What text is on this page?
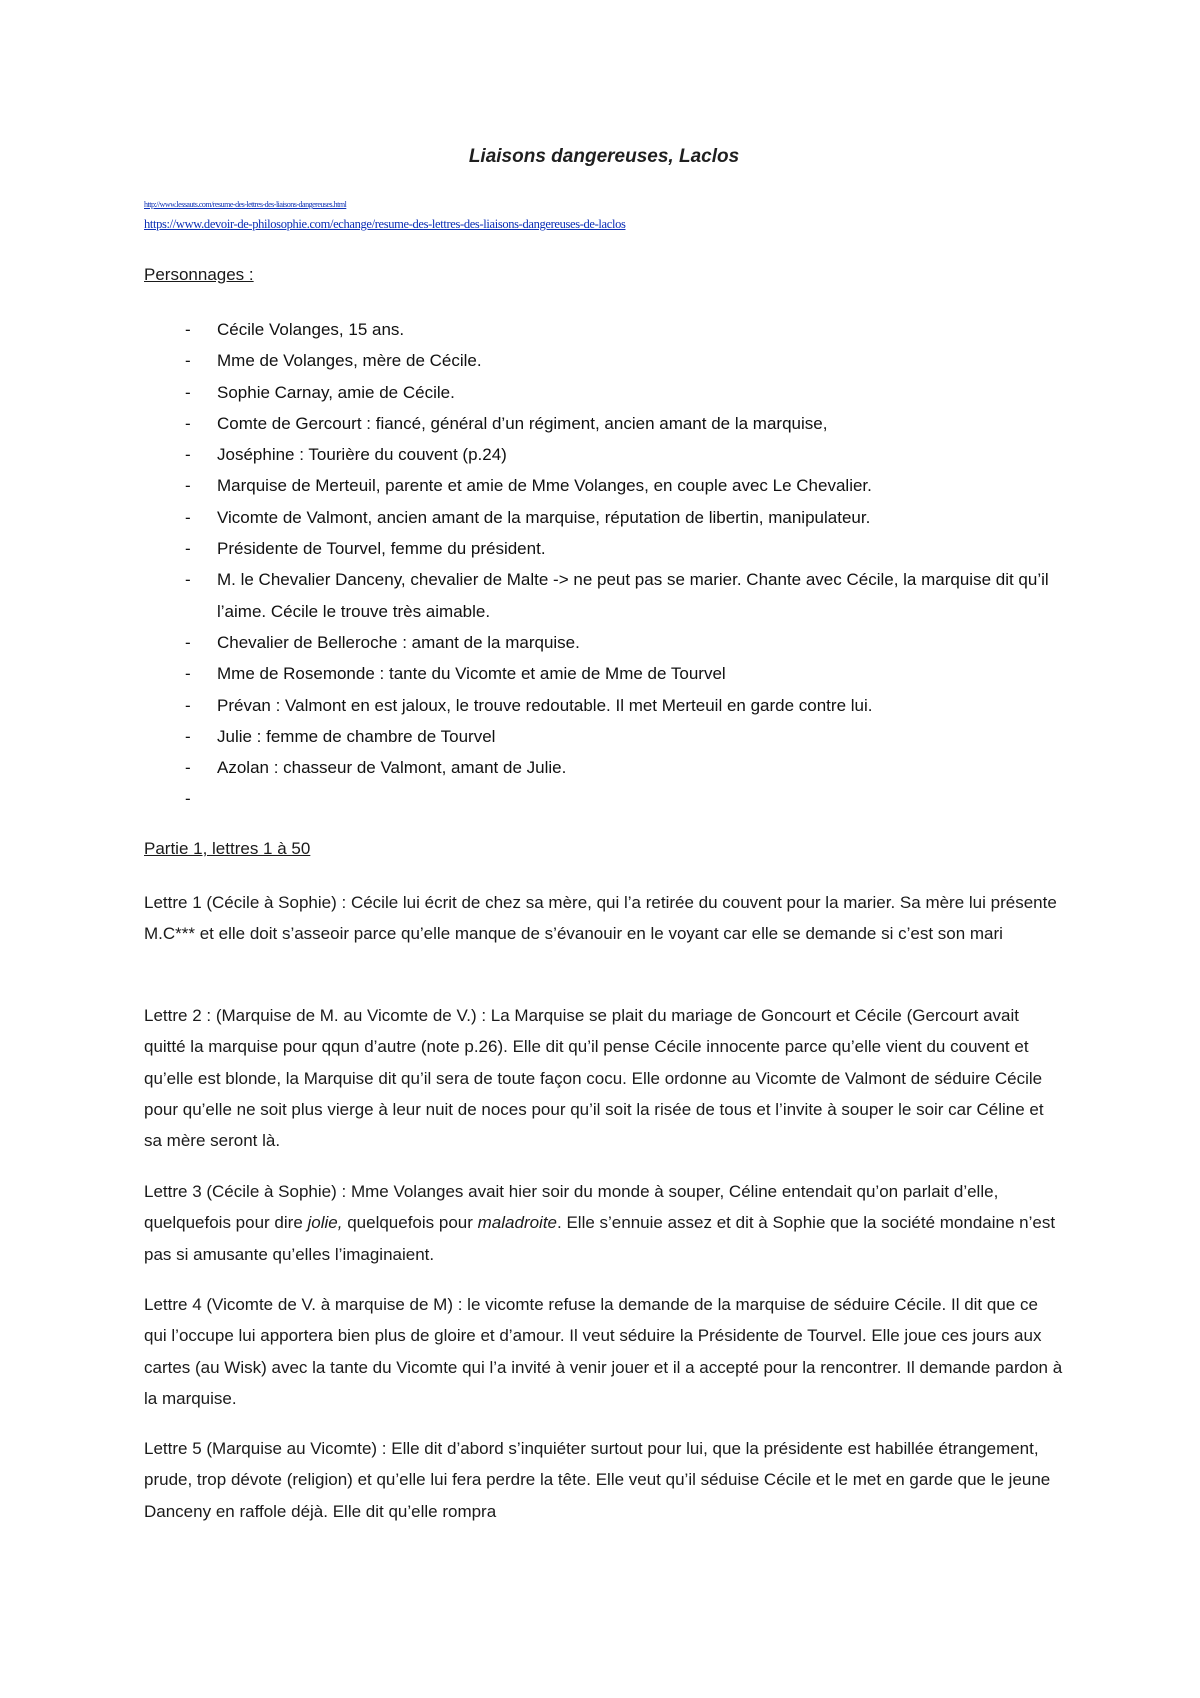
Liaisons dangereuses, Laclos
http://www.lessauts.com/resume-des-lettres-des-liaisons-dangereuses.html
https://www.devoir-de-philosophie.com/echange/resume-des-lettres-des-liaisons-dangereuses-de-laclos
Personnages :
- Cécile Volanges, 15 ans.
- Mme de Volanges, mère de Cécile.
- Sophie Carnay, amie de Cécile.
- Comte de Gercourt : fiancé, général d’un régiment, ancien amant de la marquise,
- Joséphine : Tourière du couvent (p.24)
- Marquise de Merteuil, parente et amie de Mme Volanges, en couple avec Le Chevalier.
- Vicomte de Valmont, ancien amant de la marquise, réputation de libertin, manipulateur.
- Présidente de Tourvel, femme du président.
- M. le Chevalier Danceny, chevalier de Malte -> ne peut pas se marier. Chante avec Cécile, la marquise dit qu’il l’aime. Cécile le trouve très aimable.
- Chevalier de Belleroche : amant de la marquise.
- Mme de Rosemonde : tante du Vicomte et amie de Mme de Tourvel
- Prévan : Valmont en est jaloux, le trouve redoutable. Il met Merteuil en garde contre lui.
- Julie : femme de chambre de Tourvel
- Azolan : chasseur de Valmont, amant de Julie.
-
Partie 1, lettres 1 à 50

Lettre 1 (Cécile à Sophie) : Cécile lui écrit de chez sa mère, qui l’a retirée du couvent pour la marier. Sa mère lui présente M.C*** et elle doit s’asseoir parce qu’elle manque de s’évanouir en le voyant car elle se demande si c’est son mari

Lettre 2 : (Marquise de M. au Vicomte de V.) : La Marquise se plait du mariage de Goncourt et Cécile (Gercourt avait quitté la marquise pour qqun d’autre (note p.26). Elle dit qu’il pense Cécile innocente parce qu’elle vient du couvent et qu’elle est blonde, la Marquise dit qu’il sera de toute façon cocu. Elle ordonne au Vicomte de Valmont de séduire Cécile pour qu’elle ne soit plus vierge à leur nuit de noces pour qu’il soit la risée de tous et l’invite à souper le soir car Céline et sa mère seront là.

Lettre 3 (Cécile à Sophie) : Mme Volanges avait hier soir du monde à souper, Céline entendait qu’on parlait d’elle, quelquefois pour dire jolie, quelquefois pour maladroite. Elle s’ennuie assez et dit à Sophie que la société mondaine n’est pas si amusante qu’elles l’imaginaient.

Lettre 4 (Vicomte de V. à marquise de M) : le vicomte refuse la demande de la marquise de séduire Cécile. Il dit que ce qui l’occupe lui apportera bien plus de gloire et d’amour. Il veut séduire la Présidente de Tourvel. Elle joue ces jours aux cartes (au Wisk) avec la tante du Vicomte qui l’a invité à venir jouer et il a accepté pour la rencontrer. Il demande pardon à la marquise.

Lettre 5 (Marquise au Vicomte) : Elle dit d’abord s’inquiéter surtout pour lui, que la présidente est habillée étrangement, prude, trop dévote (religion) et qu’elle lui fera perdre la tête. Elle veut qu’il séduise Cécile et le met en garde que le jeune Danceny en raffole déjà. Elle dit qu’elle rompra
